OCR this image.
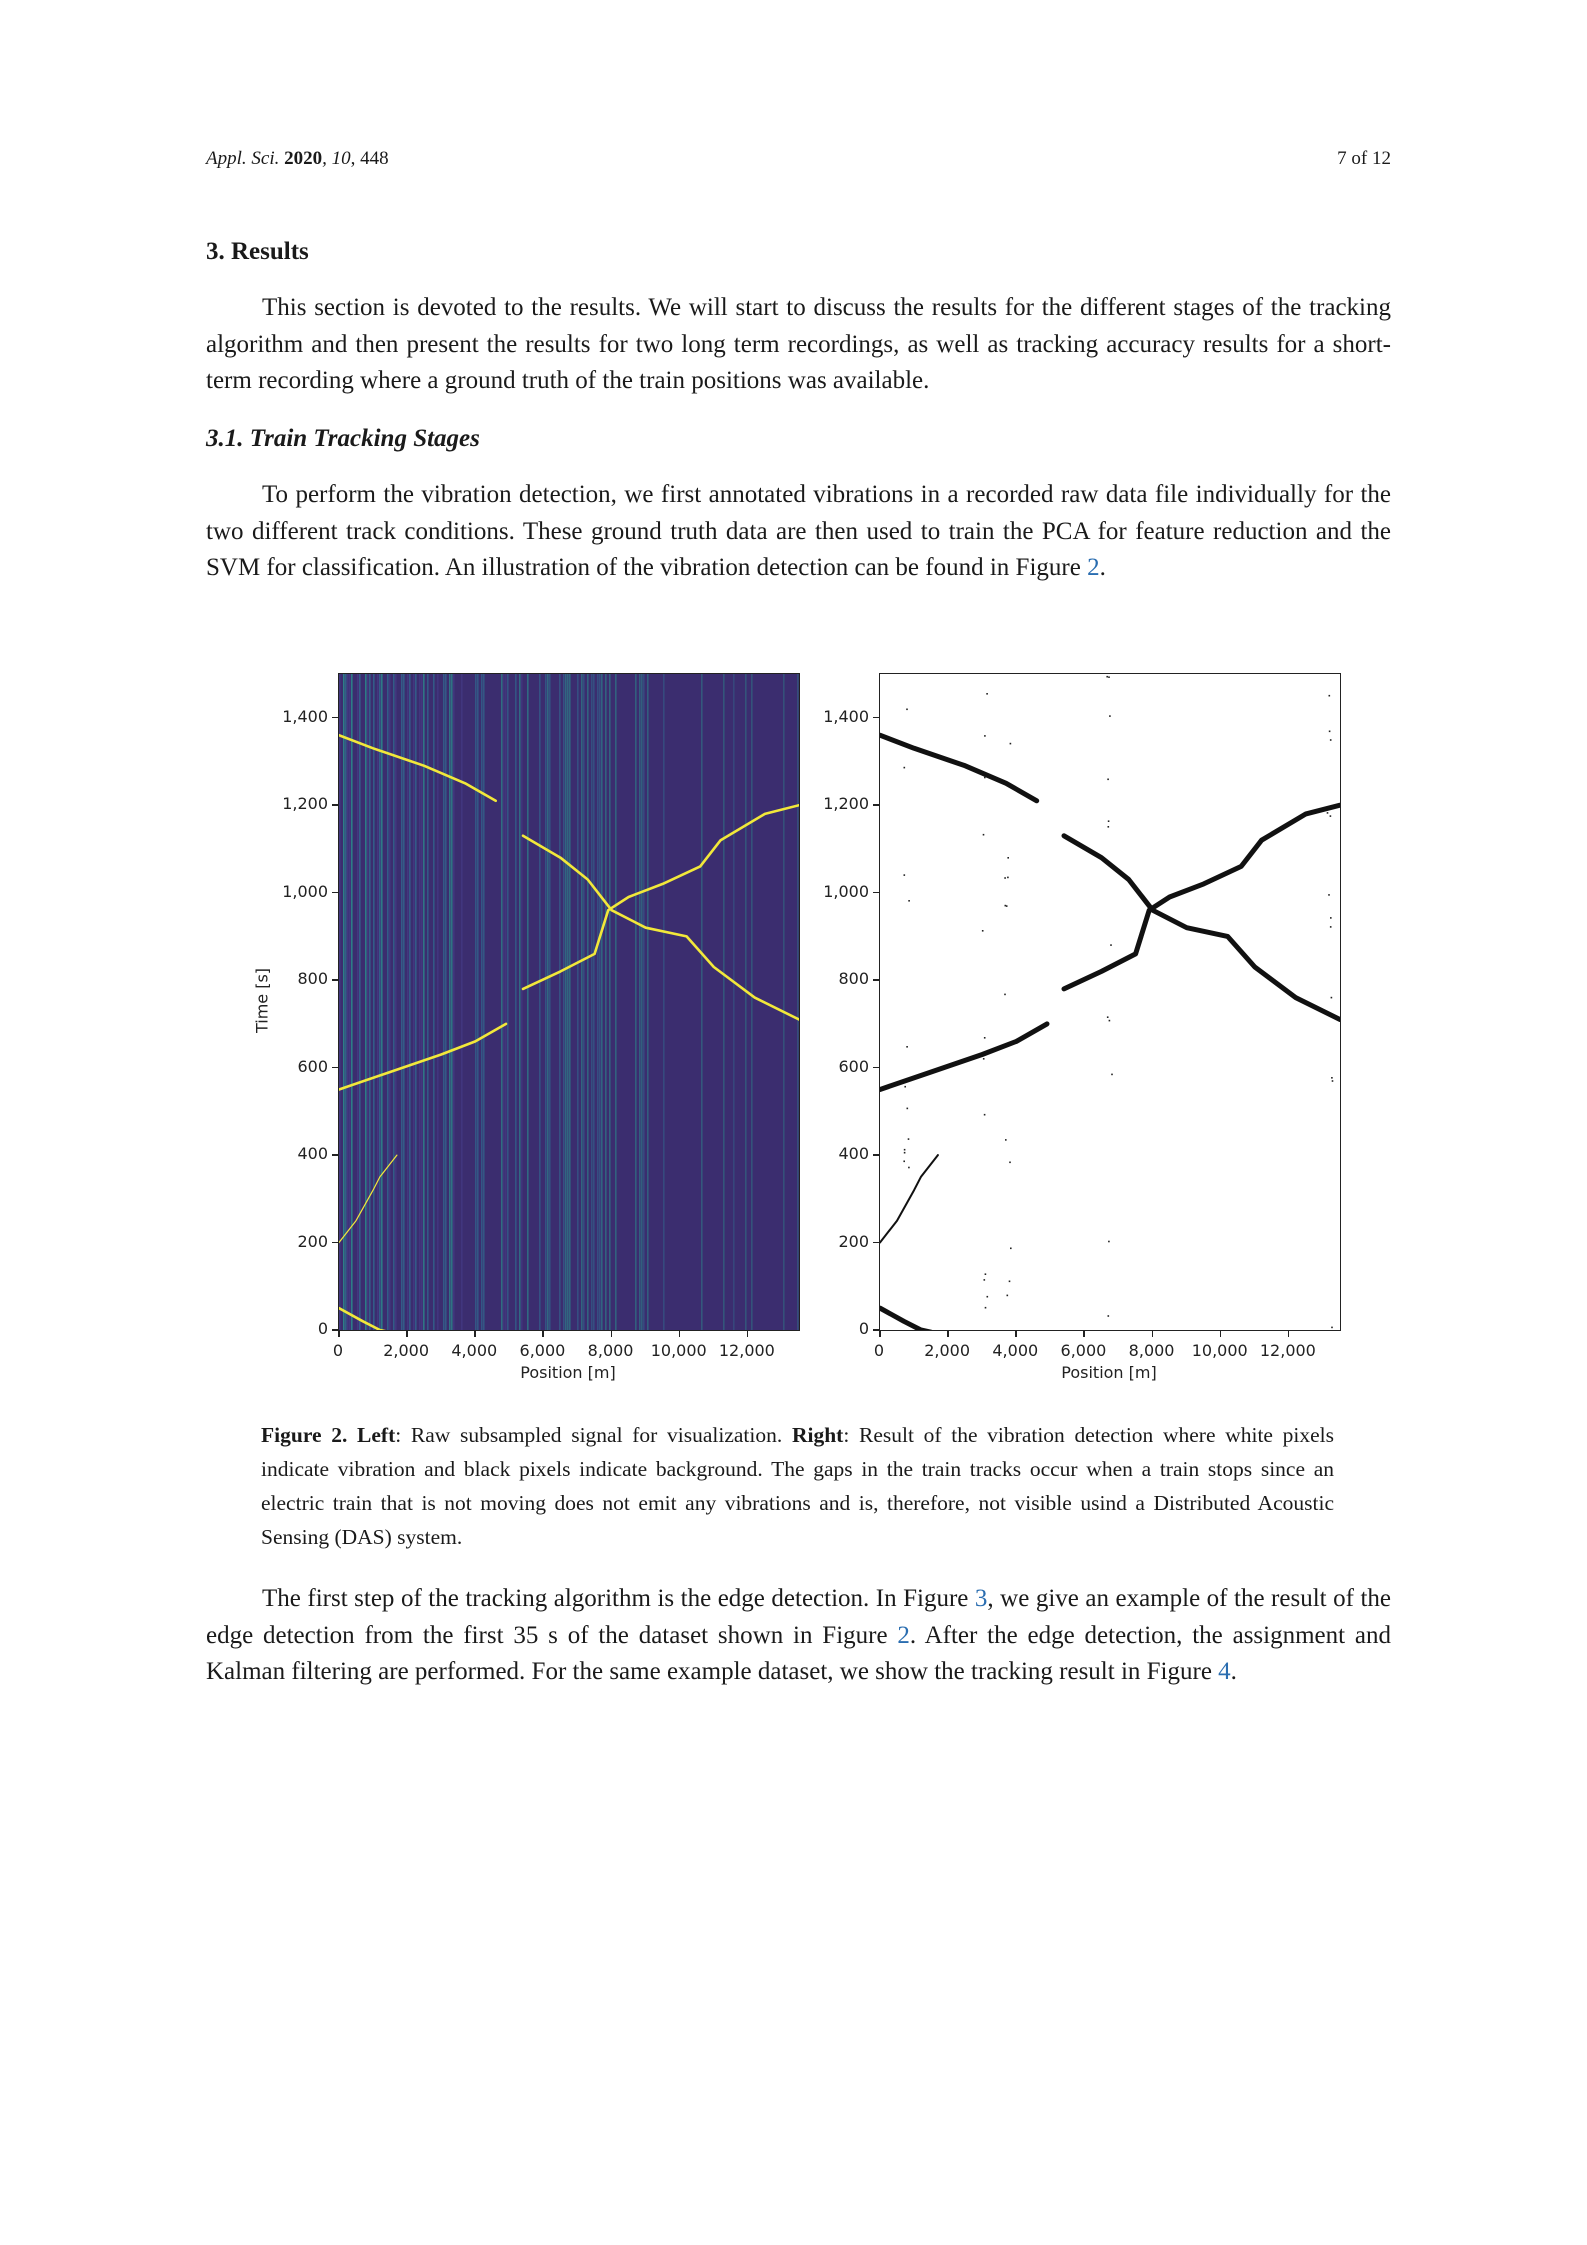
Appl. Sci. 2020, 10, 448	7 of 12
3. Results

This section is devoted to the results. We will start to discuss the results for the different stages of the tracking algorithm and then present the results for two long term recordings, as well as tracking accuracy results for a short-term recording where a ground truth of the train positions was available.

3.1. Train Tracking Stages

To perform the vibration detection, we first annotated vibrations in a recorded raw data file individually for the two different track conditions. These ground truth data are then used to train the PCA for feature reduction and the SVM for classification. An illustration of the vibration detection can be found in Figure 2.

0
200
400
600
800
1,000
1,200
1,400
0	2,000	4,000	6,000	8,000	10,000 12,000
Position [m]
Time [s]
0
200
400
600
800
1,000
1,200
1,400
0	2,000	4,000	6,000	8,000	10,000 12,000
Position [m]

Figure 2. Left: Raw subsampled signal for visualization. Right: Result of the vibration detection where white pixels indicate vibration and black pixels indicate background. The gaps in the train tracks occur when a train stops since an electric train that is not moving does not emit any vibrations and is, therefore, not visible usind a Distributed Acoustic Sensing (DAS) system.

The first step of the tracking algorithm is the edge detection. In Figure 3, we give an example of the result of the edge detection from the first 35 s of the dataset shown in Figure 2. After the edge detection, the assignment and Kalman filtering are performed. For the same example dataset, we show the tracking result in Figure 4.
